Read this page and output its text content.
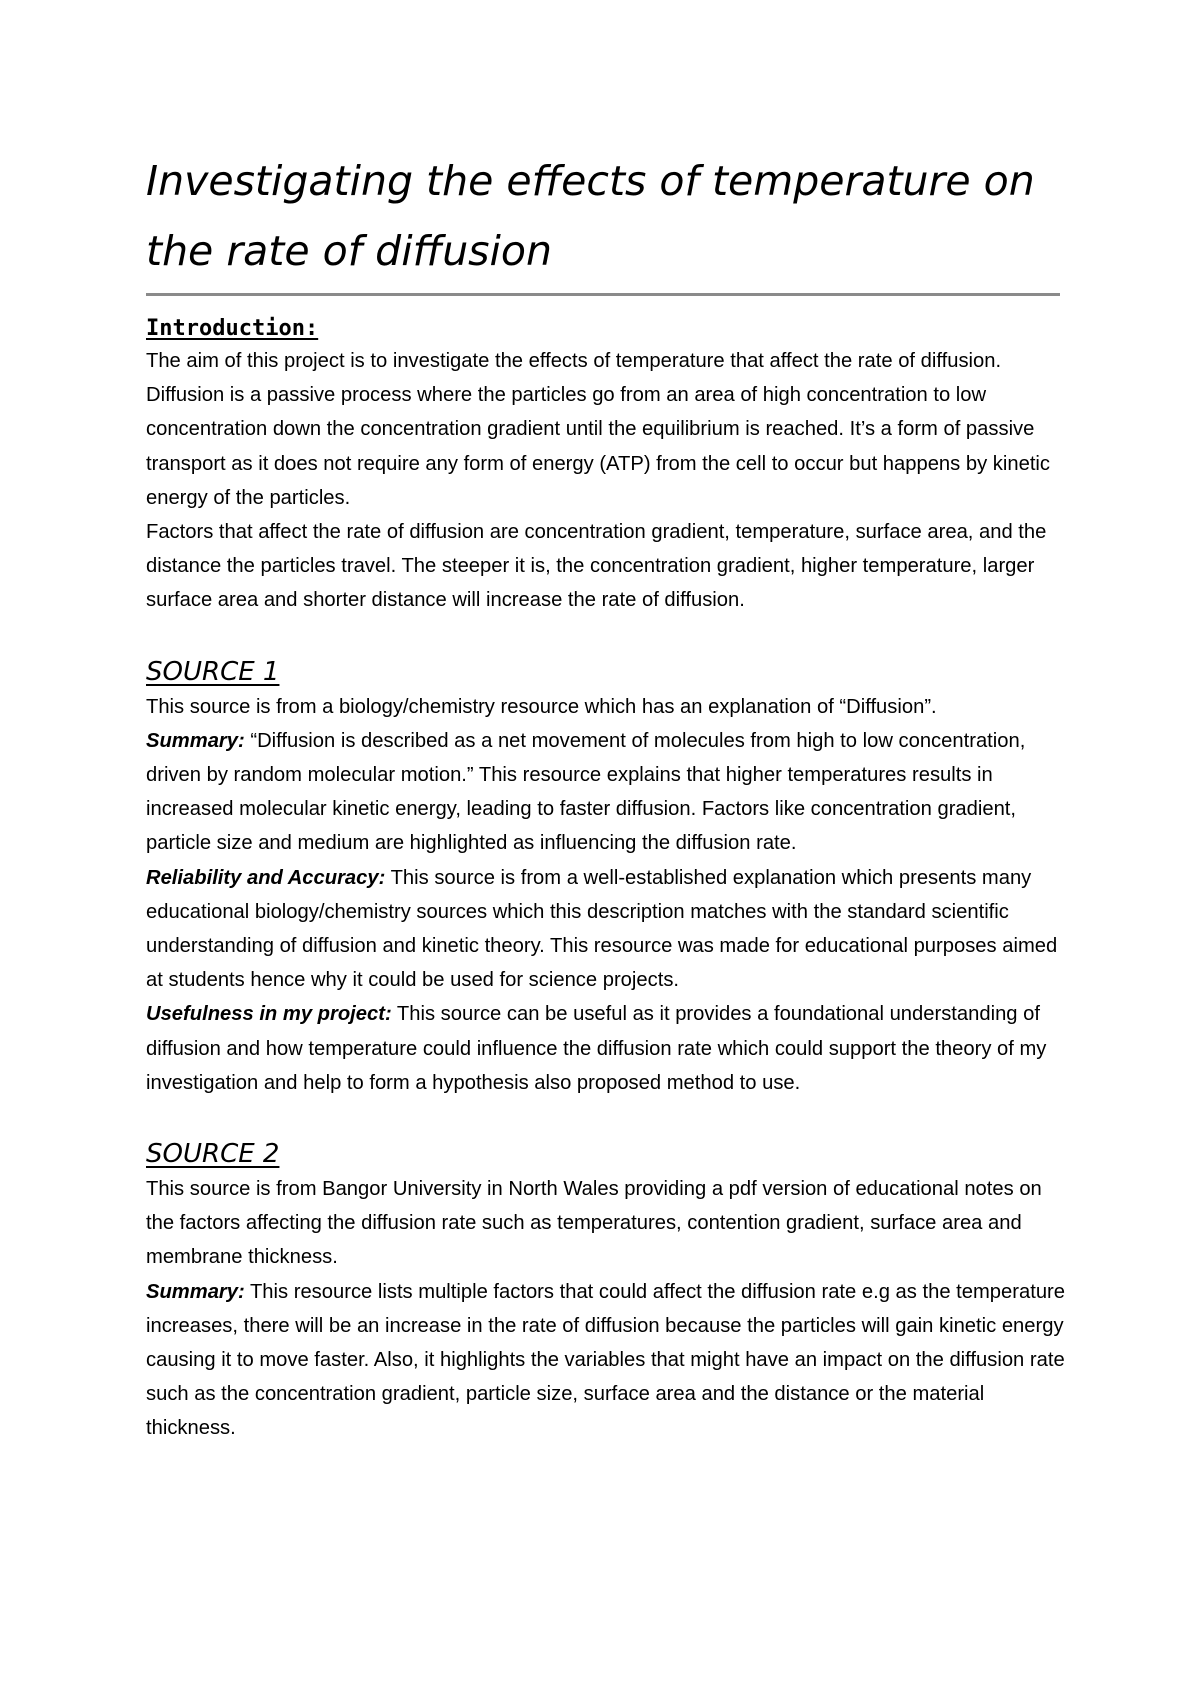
Investigating the effects of temperature on the rate of diffusion
Introduction:

The aim of this project is to investigate the effects of temperature that affect the rate of diffusion. Diffusion is a passive process where the particles go from an area of high concentration to low concentration down the concentration gradient until the equilibrium is reached. It’s a form of passive transport as it does not require any form of energy (ATP) from the cell to occur but happens by kinetic energy of the particles.

Factors that affect the rate of diffusion are concentration gradient, temperature, surface area, and the distance the particles travel. The steeper it is, the concentration gradient, higher temperature, larger surface area and shorter distance will increase the rate of diffusion.

SOURCE 1

This source is from a biology/chemistry resource which has an explanation of “Diffusion”.

Summary: “Diffusion is described as a net movement of molecules from high to low concentration, driven by random molecular motion.” This resource explains that higher temperatures results in increased molecular kinetic energy, leading to faster diffusion. Factors like concentration gradient, particle size and medium are highlighted as influencing the diffusion rate.

Reliability and Accuracy: This source is from a well-established explanation which presents many educational biology/chemistry sources which this description matches with the standard scientific understanding of diffusion and kinetic theory. This resource was made for educational purposes aimed at students hence why it could be used for science projects.

Usefulness in my project: This source can be useful as it provides a foundational understanding of diffusion and how temperature could influence the diffusion rate which could support the theory of my investigation and help to form a hypothesis also proposed method to use.

SOURCE 2

This source is from Bangor University in North Wales providing a pdf version of educational notes on the factors affecting the diffusion rate such as temperatures, contention gradient, surface area and membrane thickness.

Summary: This resource lists multiple factors that could affect the diffusion rate e.g as the temperature increases, there will be an increase in the rate of diffusion because the particles will gain kinetic energy causing it to move faster. Also, it highlights the variables that might have an impact on the diffusion rate such as the concentration gradient, particle size, surface area and the distance or the material thickness.
